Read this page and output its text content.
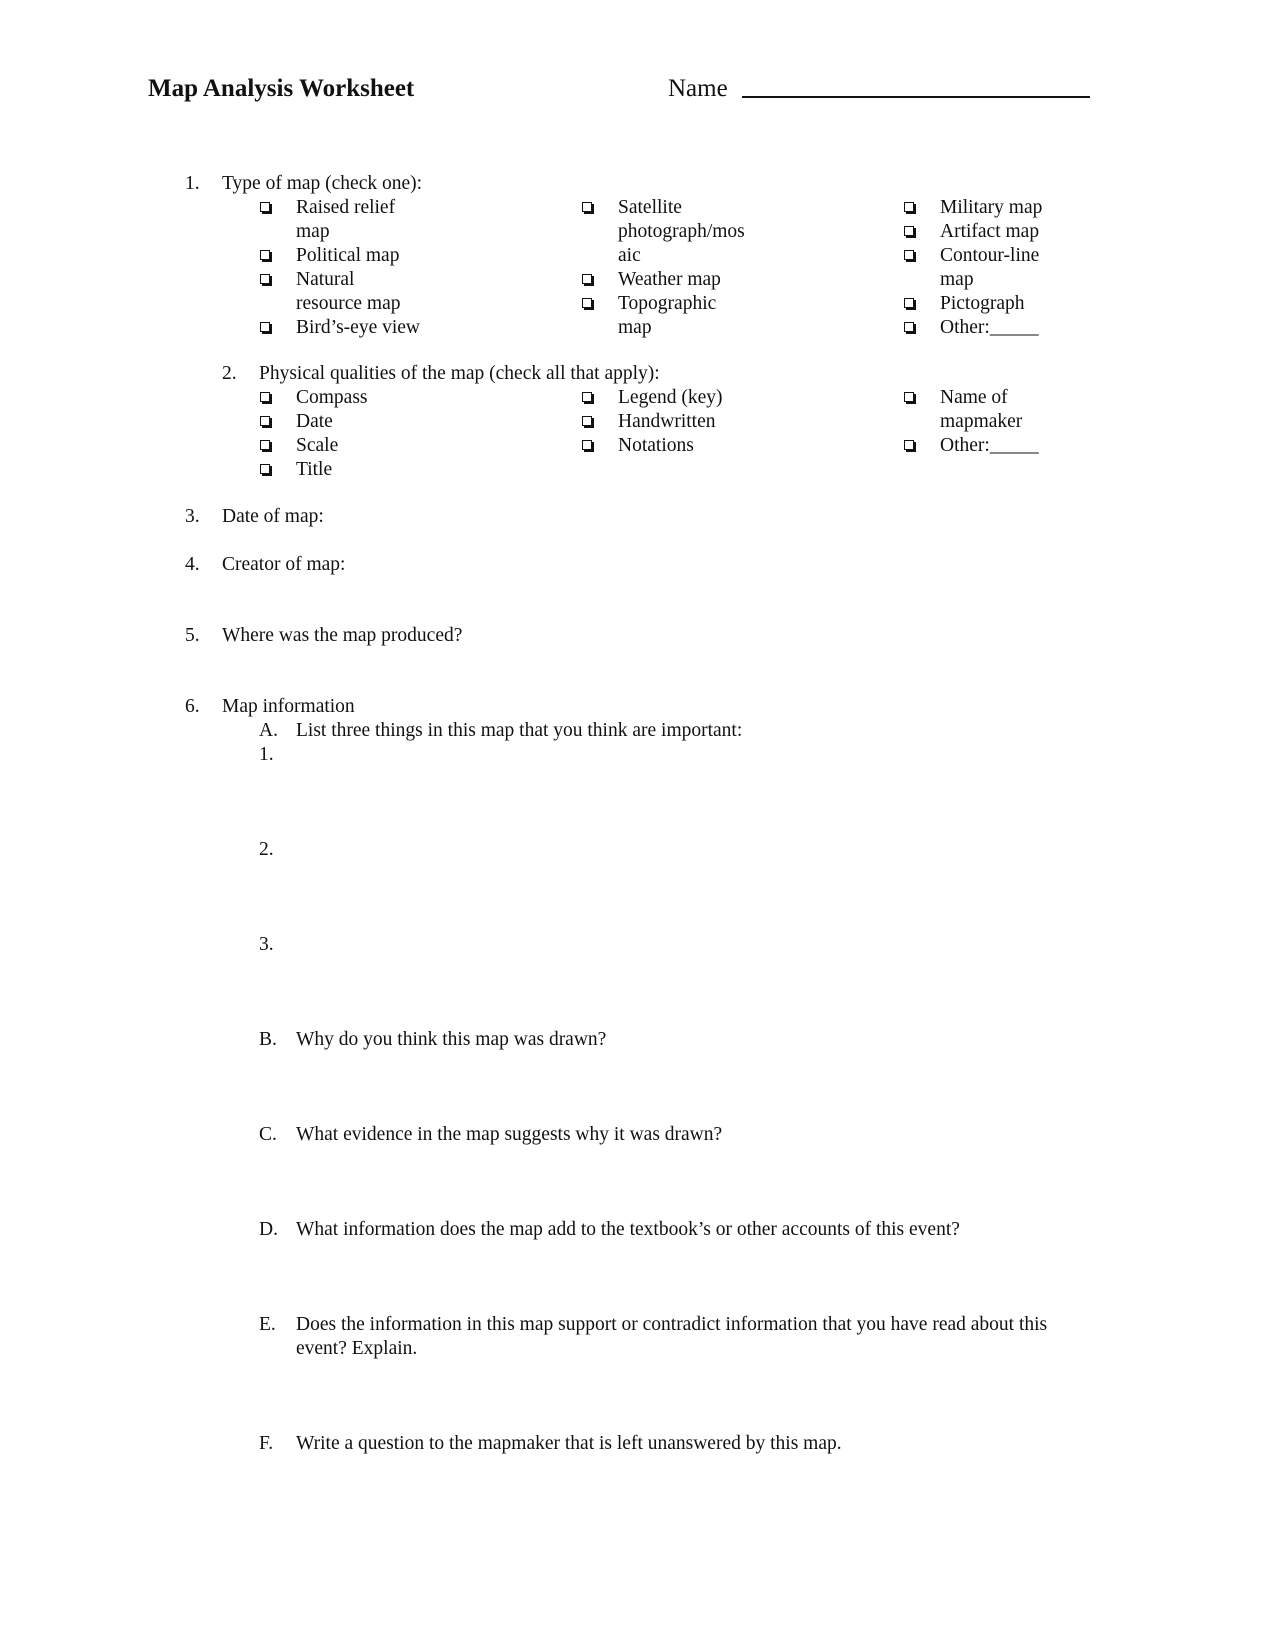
Map Analysis Worksheet	Name
1. Type of map (check one):
Raised relief
map
Political map
Natural
resource map
Bird’s-eye view
Satellite
photograph/mos
aic
Weather map
Topographic
map
Military map
Artifact map
Contour-line
map
Pictograph
Other:_____
2. Physical qualities of the map (check all that apply):
Compass
Date
Scale
Title
Legend (key)
Handwritten
Notations
Name of
mapmaker
Other:_____
3. Date of map:
4. Creator of map:
5. Where was the map produced?
6. Map information
A. List three things in this map that you think are important:
1.
2.
3.
B. Why do you think this map was drawn?
C. What evidence in the map suggests why it was drawn?
D. What information does the map add to the textbook’s or other accounts of this event?
E. Does the information in this map support or contradict information that you have read about this
event? Explain.
F. Write a question to the mapmaker that is left unanswered by this map.
